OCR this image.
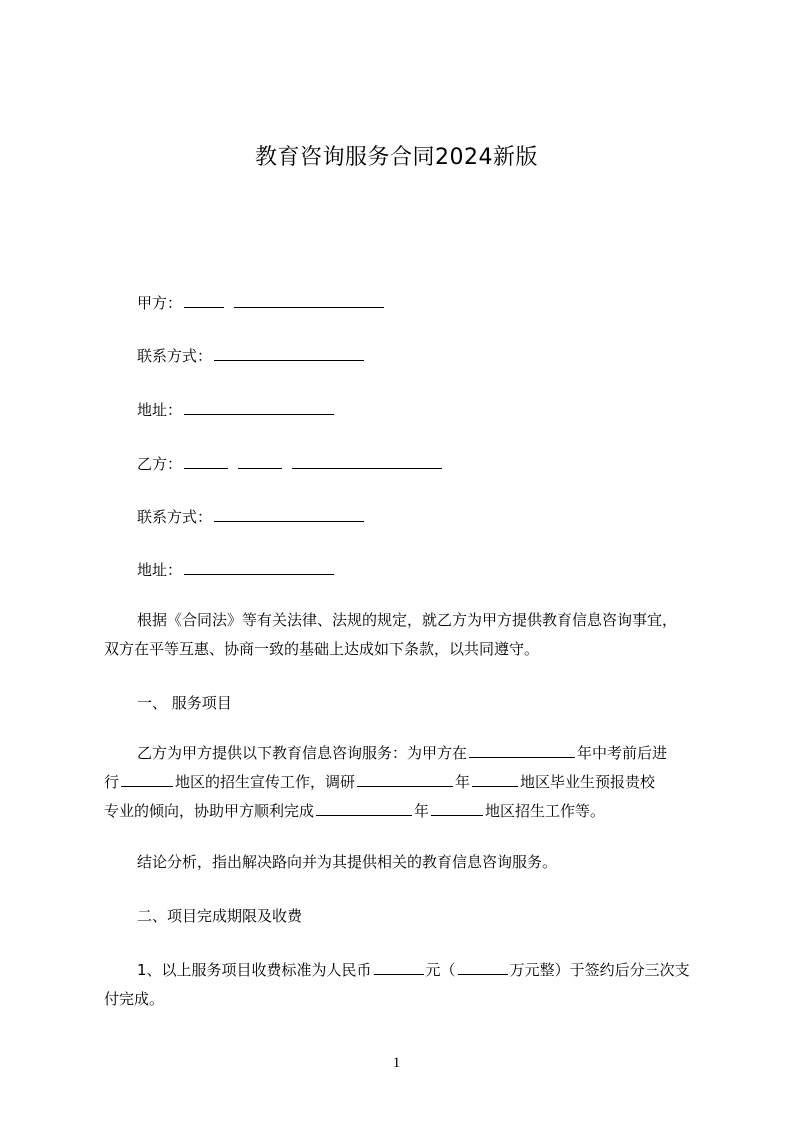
教育咨询服务合同2024新版
甲方：
联系方式：
地址：
乙方：
联系方式：
地址：
根据《合同法》等有关法律、法规的规定，就乙方为甲方提供教育信息咨询事宜，
双方在平等互惠、协商一致的基础上达成如下条款，以共同遵守。
一、 服务项目
乙方为甲方提供以下教育信息咨询服务：为甲方在	年中考前后进
行	地区的招生宣传工作，调研	年	地区毕业生预报贵校
专业的倾向，协助甲方顺利完成	年	地区招生工作等。
结论分析，指出解决路向并为其提供相关的教育信息咨询服务。
二、项目完成期限及收费
1、以上服务项目收费标准为人民币	元（	万元整）于签约后分三次支
付完成。
1
